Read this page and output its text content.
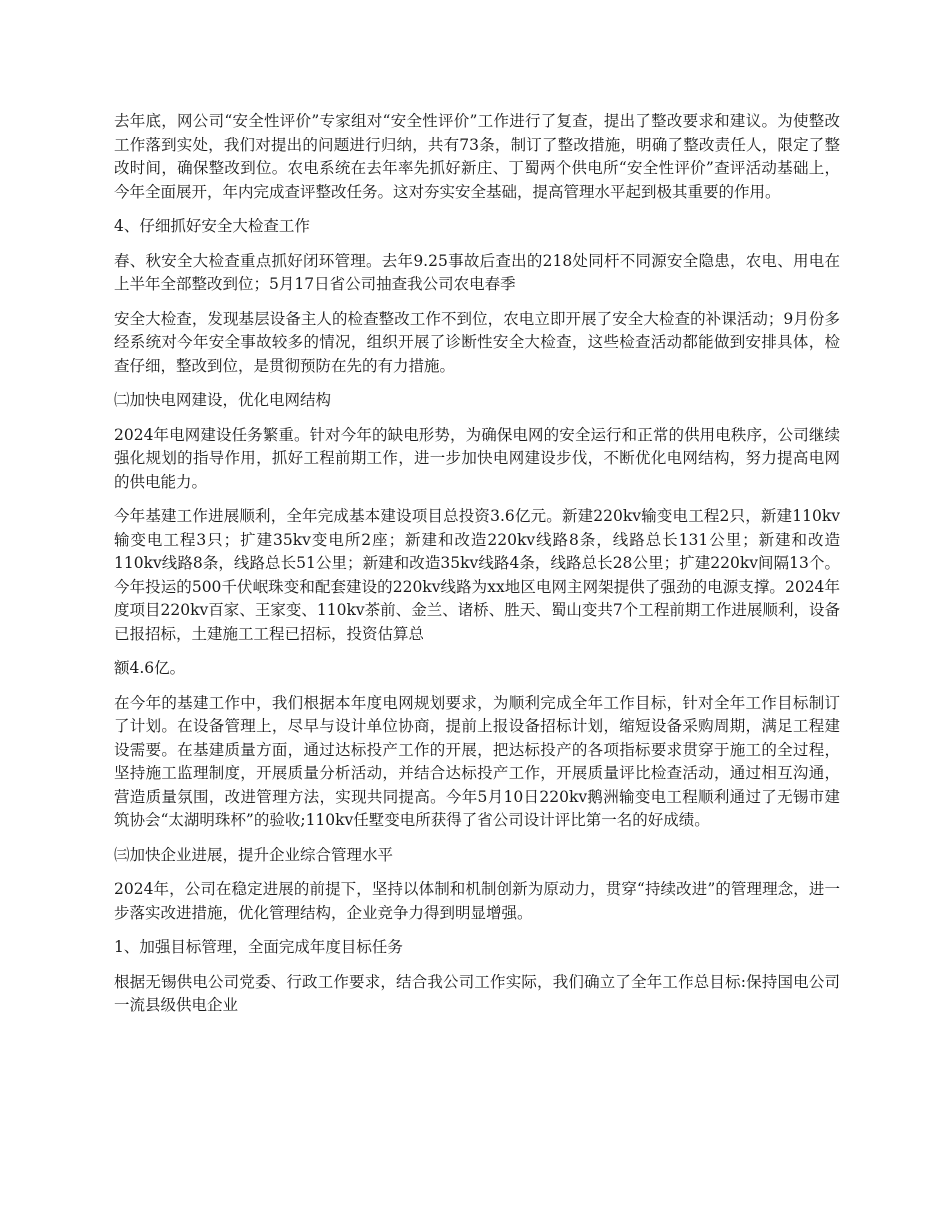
去年底，网公司“安全性评价”专家组对“安全性评价”工作进行了复查，提出了整改要求和建议。为使整改工作落到实处，我们对提出的问题进行归纳，共有73条，制订了整改措施，明确了整改责任人，限定了整改时间，确保整改到位。农电系统在去年率先抓好新庄、丁蜀两个供电所“安全性评价”查评活动基础上，今年全面展开，年内完成查评整改任务。这对夯实安全基础，提高管理水平起到极其重要的作用。

4、仔细抓好安全大检查工作

春、秋安全大检查重点抓好闭环管理。去年9.25事故后查出的218处同杆不同源安全隐患，农电、用电在上半年全部整改到位；5月17日省公司抽查我公司农电春季

安全大检查，发现基层设备主人的检查整改工作不到位，农电立即开展了安全大检查的补课活动；9月份多经系统对今年安全事故较多的情况，组织开展了诊断性安全大检查，这些检查活动都能做到安排具体，检查仔细，整改到位，是贯彻预防在先的有力措施。

㈡加快电网建设，优化电网结构

2024年电网建设任务繁重。针对今年的缺电形势，为确保电网的安全运行和正常的供用电秩序，公司继续强化规划的指导作用，抓好工程前期工作，进一步加快电网建设步伐，不断优化电网结构，努力提高电网的供电能力。

今年基建工作进展顺利，全年完成基本建设项目总投资3.6亿元。新建220kv输变电工程2只，新建110kv输变电工程3只；扩建35kv变电所2座；新建和改造220kv线路8条，线路总长131公里；新建和改造110kv线路8条，线路总长51公里；新建和改造35kv线路4条，线路总长28公里；扩建220kv间隔13个。今年投运的500千伏岷珠变和配套建设的220kv线路为xx地区电网主网架提供了强劲的电源支撑。2024年度项目220kv百家、王家变、110kv茶前、金兰、诸桥、胜天、蜀山变共7个工程前期工作进展顺利，设备已报招标，土建施工工程已招标，投资估算总

额4.6亿。

在今年的基建工作中，我们根据本年度电网规划要求，为顺利完成全年工作目标，针对全年工作目标制订了计划。在设备管理上，尽早与设计单位协商，提前上报设备招标计划，缩短设备采购周期，满足工程建设需要。在基建质量方面，通过达标投产工作的开展，把达标投产的各项指标要求贯穿于施工的全过程，坚持施工监理制度，开展质量分析活动，并结合达标投产工作，开展质量评比检查活动，通过相互沟通，营造质量氛围，改进管理方法，实现共同提高。今年5月10日220kv鹅洲输变电工程顺利通过了无锡市建筑协会“太湖明珠杯”的验收;110kv任墅变电所获得了省公司设计评比第一名的好成绩。

㈢加快企业进展，提升企业综合管理水平

2024年，公司在稳定进展的前提下，坚持以体制和机制创新为原动力，贯穿“持续改进”的管理理念，进一步落实改进措施，优化管理结构，企业竞争力得到明显增强。

1、加强目标管理，全面完成年度目标任务

根据无锡供电公司党委、行政工作要求，结合我公司工作实际，我们确立了全年工作总目标:保持国电公司一流县级供电企业
